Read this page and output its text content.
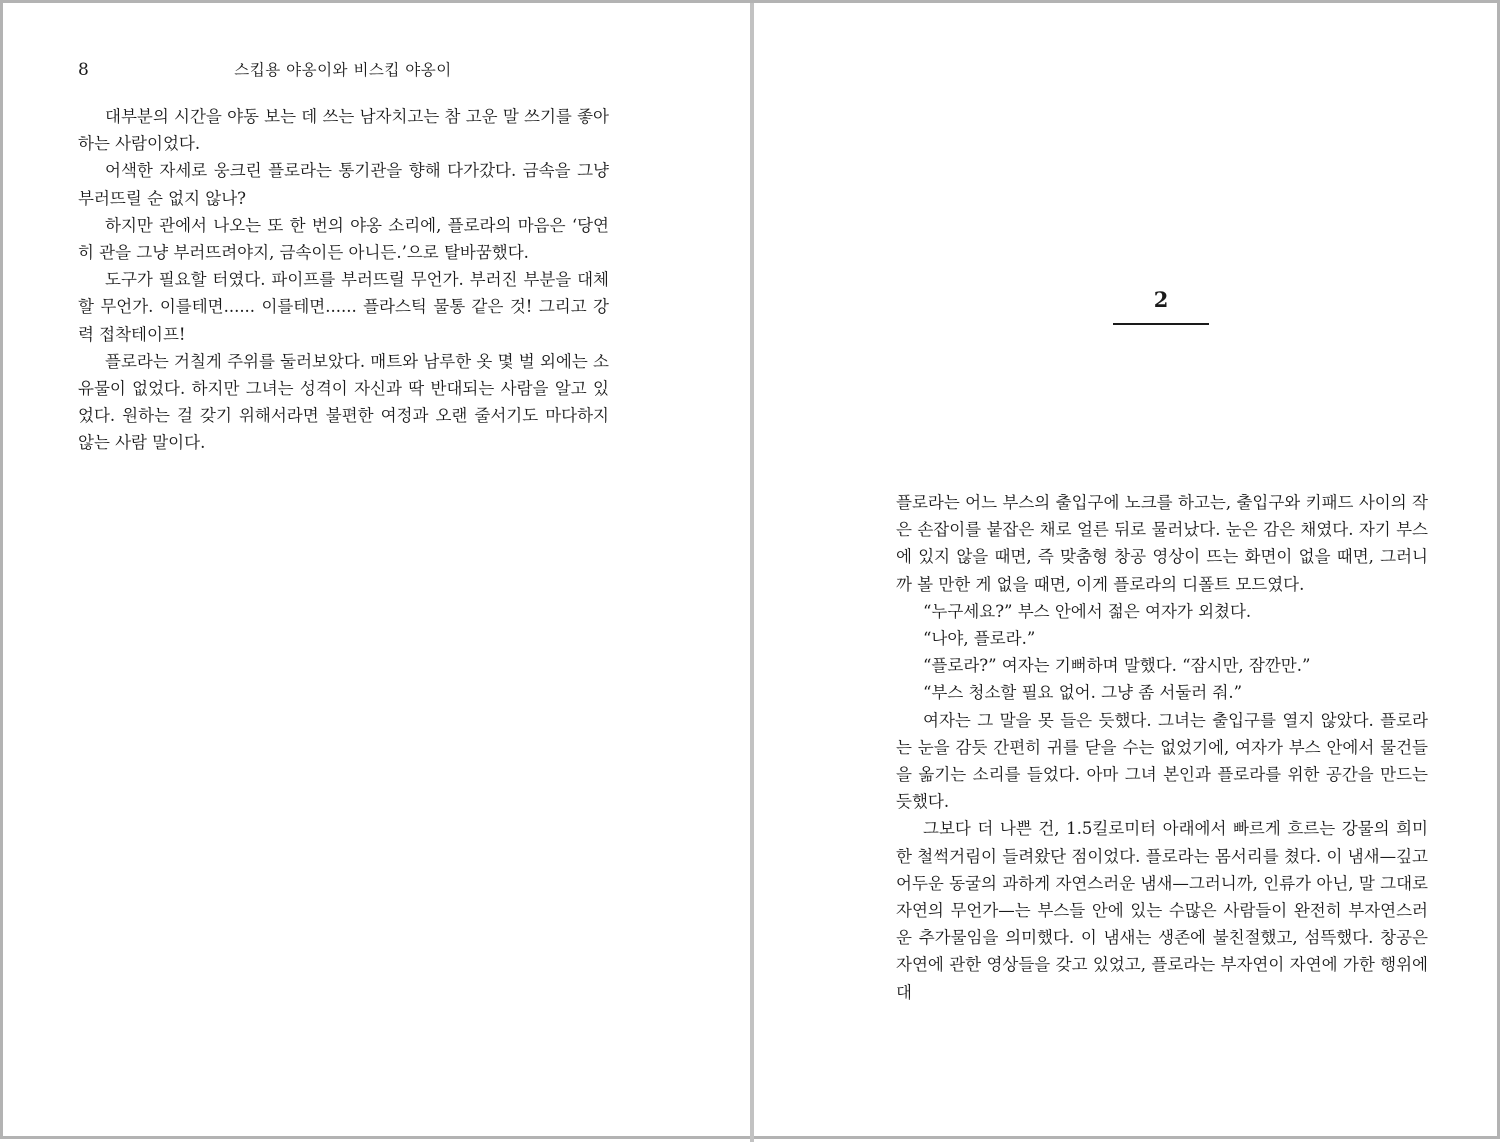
8	스킵용 야옹이와 비스킵 야옹이

대부분의 시간을 야동 보는 데 쓰는 남자치고는 참 고운 말 쓰기를 좋아하는 사람이었다.

어색한 자세로 웅크린 플로라는 통기관을 향해 다가갔다. 금속을 그냥 부러뜨릴 순 없지 않나?

하지만 관에서 나오는 또 한 번의 야옹 소리에, 플로라의 마음은 ‘당연히 관을 그냥 부러뜨려야지, 금속이든 아니든.’으로 탈바꿈했다.

도구가 필요할 터였다. 파이프를 부러뜨릴 무언가. 부러진 부분을 대체할 무언가. 이를테면...... 이를테면...... 플라스틱 물통 같은 것! 그리고 강력 접착테이프!

플로라는 거칠게 주위를 둘러보았다. 매트와 남루한 옷 몇 벌 외에는 소유물이 없었다. 하지만 그녀는 성격이 자신과 딱 반대되는 사람을 알고 있었다. 원하는 걸 갖기 위해서라면 불편한 여정과 오랜 줄서기도 마다하지 않는 사람 말이다.

2

플로라는 어느 부스의 출입구에 노크를 하고는, 출입구와 키패드 사이의 작은 손잡이를 붙잡은 채로 얼른 뒤로 물러났다. 눈은 감은 채였다. 자기 부스에 있지 않을 때면, 즉 맞춤형 창공 영상이 뜨는 화면이 없을 때면, 그러니까 볼 만한 게 없을 때면, 이게 플로라의 디폴트 모드였다.

“누구세요?” 부스 안에서 젊은 여자가 외쳤다.

“나야, 플로라.”

“플로라?” 여자는 기뻐하며 말했다. “잠시만, 잠깐만.”

“부스 청소할 필요 없어. 그냥 좀 서둘러 줘.”

여자는 그 말을 못 들은 듯했다. 그녀는 출입구를 열지 않았다. 플로라는 눈을 감듯 간편히 귀를 닫을 수는 없었기에, 여자가 부스 안에서 물건들을 옮기는 소리를 들었다. 아마 그녀 본인과 플로라를 위한 공간을 만드는 듯했다.

그보다 더 나쁜 건, 1.5킬로미터 아래에서 빠르게 흐르는 강물의 희미한 철썩거림이 들려왔단 점이었다. 플로라는 몸서리를 쳤다. 이 냄새—깊고 어두운 동굴의 과하게 자연스러운 냄새—그러니까, 인류가 아닌, 말 그대로 자연의 무언가—는 부스들 안에 있는 수많은 사람들이 완전히 부자연스러운 추가물임을 의미했다. 이 냄새는 생존에 불친절했고, 섬뜩했다. 창공은 자연에 관한 영상들을 갖고 있었고, 플로라는 부자연이 자연에 가한 행위에 대
